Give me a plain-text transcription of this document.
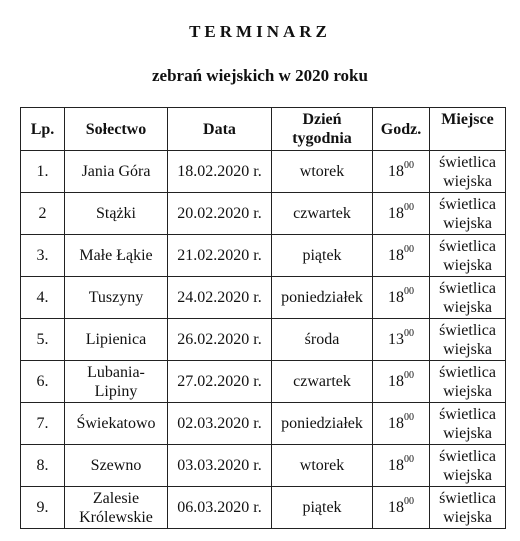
TERMINARZ
zebrań wiejskich w 2020 roku
Lp.	Sołectwo	Data	Dzień
tygodnia	Godz.	Miejsce
1.	Jania Góra	18.02.2020 r.	wtorek	$18^{00}$	świetlica
wiejska
2	Stążki	20.02.2020 r.	czwartek	$18^{00}$	świetlica
wiejska
3.	Małe Łąkie	21.02.2020 r.	piątek	$18^{00}$	świetlica
wiejska
4.	Tuszyny	24.02.2020 r.	poniedziałek	$18^{00}$	świetlica
wiejska
5.	Lipienica	26.02.2020 r.	środa	$13^{00}$	świetlica
wiejska
6.	Lubania-
Lipiny	27.02.2020 r.	czwartek	$18^{00}$	świetlica
wiejska
7.	Świekatowo	02.03.2020 r.	poniedziałek	$18^{00}$	świetlica
wiejska
8.	Szewno	03.03.2020 r.	wtorek	$18^{00}$	świetlica
wiejska
9.	Zalesie
Królewskie	06.03.2020 r.	piątek	$18^{00}$	świetlica
wiejska
